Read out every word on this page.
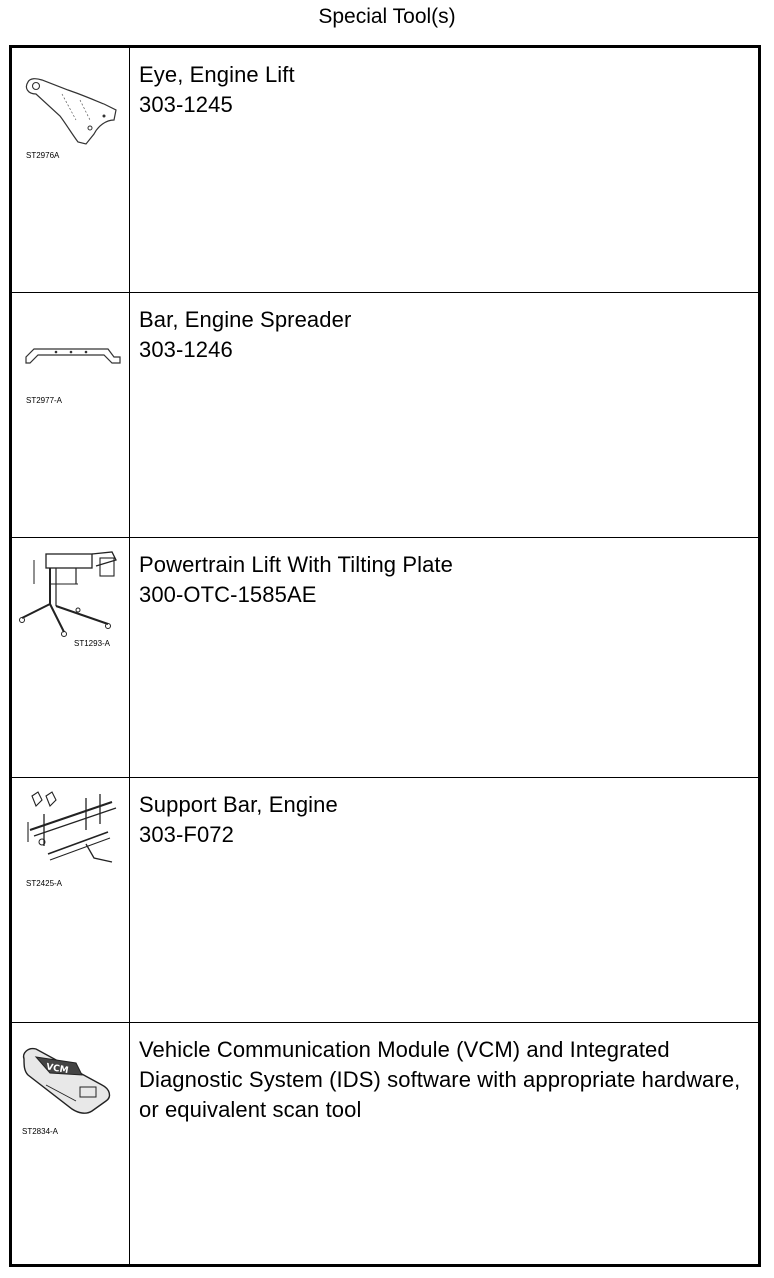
Special Tool(s)
ST2976A
Eye, Engine Lift
303-1245
ST2977-A
Bar, Engine Spreader
303-1246
ST1293-A
Powertrain Lift With Tilting Plate
300-OTC-1585AE
ST2425-A
Support Bar, Engine
303-F072
VCM
ST2834-A
Vehicle Communication Module (VCM) and Integrated Diagnostic System (IDS) software with appropriate hardware, or equivalent scan tool
